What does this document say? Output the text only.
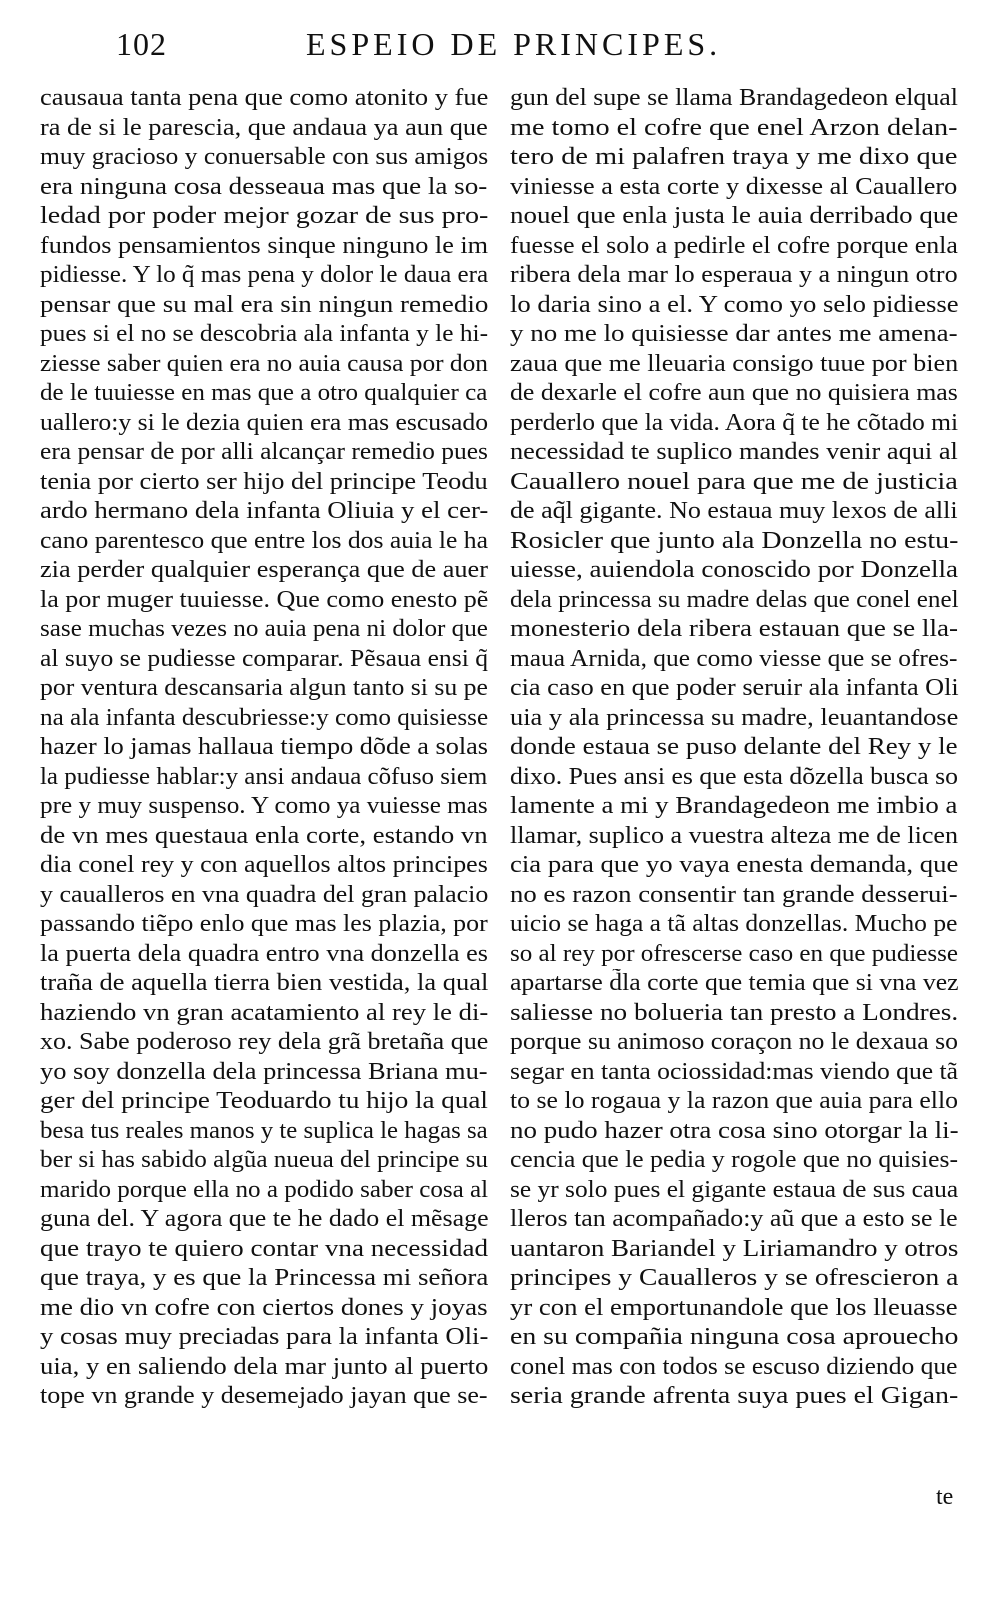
102	ESPEIO DE PRINCIPES.
causaua tanta pena que como atonito y fue
ra de si le parescia, que andaua ya aun que
muy gracioso y conuersable con sus amigos
era ninguna cosa desseaua mas que la so-
ledad por poder mejor gozar de sus pro-
fundos pensamientos sinque ninguno le im
pidiesse. Y lo q̃ mas pena y dolor le daua era
pensar que su mal era sin ningun remedio
pues si el no se descobria ala infanta y le hi-
ziesse saber quien era no auia causa por don
de le tuuiesse en mas que a otro qualquier ca
uallero:y si le dezia quien era mas escusado
era pensar de por alli alcançar remedio pues
tenia por cierto ser hijo del principe Teodu
ardo hermano dela infanta Oliuia y el cer-
cano parentesco que entre los dos auia le ha
zia perder qualquier esperança que de auer
la por muger tuuiesse. Que como enesto pẽ
sase muchas vezes no auia pena ni dolor que
al suyo se pudiesse comparar. Pẽsaua ensi q̃
por ventura descansaria algun tanto si su pe
na ala infanta descubriesse:y como quisiesse
hazer lo jamas hallaua tiempo dõde a solas
la pudiesse hablar:y ansi andaua cõfuso siem
pre y muy suspenso. Y como ya vuiesse mas
de vn mes questaua enla corte, estando vn
dia conel rey y con aquellos altos principes
y caualleros en vna quadra del gran palacio
passando tiẽpo enlo que mas les plazia, por
la puerta dela quadra entro vna donzella es
traña de aquella tierra bien vestida, la qual
haziendo vn gran acatamiento al rey le di-
xo. Sabe poderoso rey dela grã bretaña que
yo soy donzella dela princessa Briana mu-
ger del principe Teoduardo tu hijo la qual
besa tus reales manos y te suplica le hagas sa
ber si has sabido algũa nueua del principe su
marido porque ella no a podido saber cosa al
guna del. Y agora que te he dado el mẽsage
que trayo te quiero contar vna necessidad
que traya, y es que la Princessa mi señora
me dio vn cofre con ciertos dones y joyas
y cosas muy preciadas para la infanta Oli-
uia, y en saliendo dela mar junto al puerto
tope vn grande y desemejado jayan que se-
gun del supe se llama Brandagedeon elqual
me tomo el cofre que enel Arzon delan-
tero de mi palafren traya y me dixo que
viniesse a esta corte y dixesse al Cauallero
nouel que enla justa le auia derribado que
fuesse el solo a pedirle el cofre porque enla
ribera dela mar lo esperaua y a ningun otro
lo daria sino a el. Y como yo selo pidiesse
y no me lo quisiesse dar antes me amena-
zaua que me lleuaria consigo tuue por bien
de dexarle el cofre aun que no quisiera mas
perderlo que la vida. Aora q̃ te he cõtado mi
necessidad te suplico mandes venir aqui al
Cauallero nouel para que me de justicia
de aq̃l gigante. No estaua muy lexos de alli
Rosicler que junto ala Donzella no estu-
uiesse, auiendola conoscido por Donzella
dela princessa su madre delas que conel enel
monesterio dela ribera estauan que se lla-
maua Arnida, que como viesse que se ofres-
cia caso en que poder seruir ala infanta Oli
uia y ala princessa su madre, leuantandose
donde estaua se puso delante del Rey y le
dixo. Pues ansi es que esta dõzella busca so
lamente a mi y Brandagedeon me imbio a
llamar, suplico a vuestra alteza me de licen
cia para que yo vaya enesta demanda, que
no es razon consentir tan grande desserui-
uicio se haga a tã altas donzellas. Mucho pe
so al rey por ofrescerse caso en que pudiesse
apartarse d̃la corte que temia que si vna vez
saliesse no bolueria tan presto a Londres.
porque su animoso coraçon no le dexaua so
segar en tanta ociossidad:mas viendo que tã
to se lo rogaua y la razon que auia para ello
no pudo hazer otra cosa sino otorgar la li-
cencia que le pedia y rogole que no quisies-
se yr solo pues el gigante estaua de sus caua
lleros tan acompañado:y aũ que a esto se le
uantaron Bariandel y Liriamandro y otros
principes y Caualleros y se ofrescieron a
yr con el emportunandole que los lleuasse
en su compañia ninguna cosa aprouecho
conel mas con todos se escuso diziendo que
seria grande afrenta suya pues el Gigan-
te
